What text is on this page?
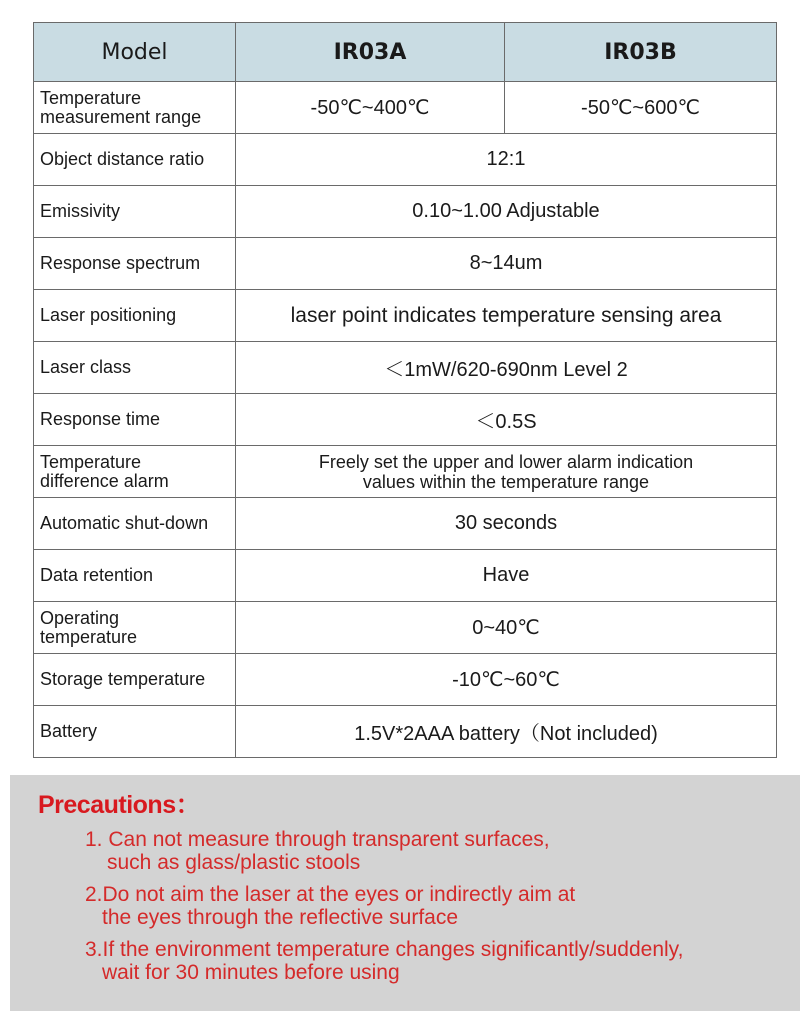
Model	IR03A	IR03B
Temperature
measurement range	-50℃~400℃	-50℃~600℃
Object distance ratio	12:1	
Emissivity	0.10~1.00 Adjustable	
Response spectrum	8~14um	
Laser positioning	laser point indicates temperature sensing area	
Laser class	＜1mW/620-690nm Level 2	
Response time	＜0.5S	
Temperature
difference alarm	Freely set the upper and lower alarm indication
values within the temperature range	
Automatic shut-down	30 seconds	
Data retention	Have	
Operating
temperature	0~40℃	
Storage temperature	-10℃~60℃	
Battery	1.5V*2AAA battery（Not included)	
Precautions：
1. Can not measure through transparent surfaces,
such as glass/plastic stools
2.Do not aim the laser at the eyes or indirectly aim at
the eyes through the reflective surface
3.If the environment temperature changes significantly/suddenly,
wait for 30 minutes before using
